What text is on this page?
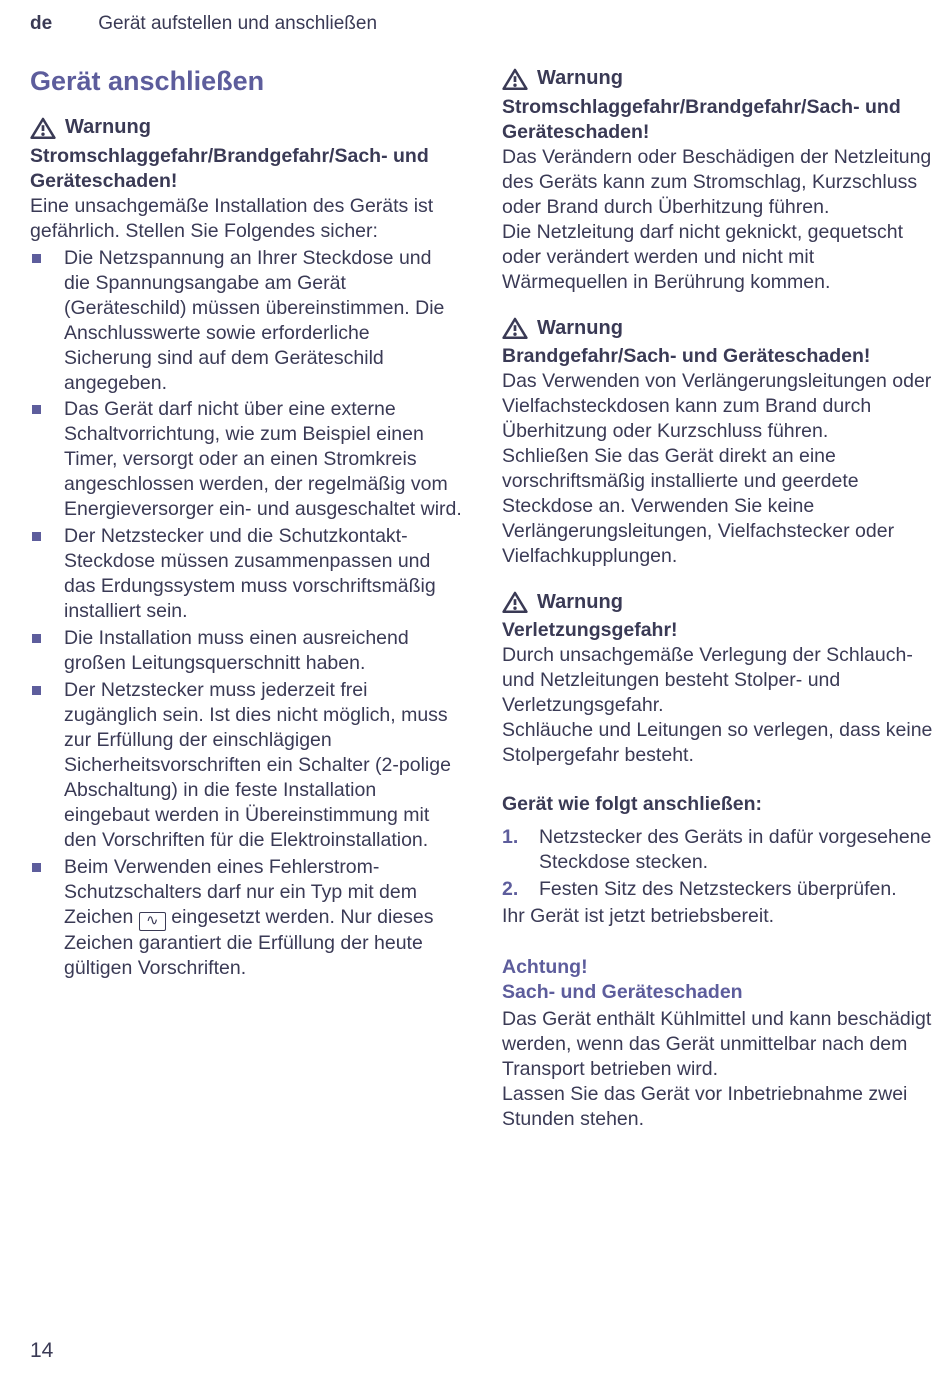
de Gerät aufstellen und anschließen
Gerät anschließen
Warnung

Stromschlaggefahr/Brandgefahr/Sach- und Geräteschaden!

Eine unsachgemäße Installation des Geräts ist gefährlich. Stellen Sie Folgendes sicher:

Die Netzspannung an Ihrer Steckdose und die Spannungsangabe am Gerät (Geräteschild) müssen übereinstimmen. Die Anschlusswerte sowie erforderliche Sicherung sind auf dem Geräteschild angegeben.
Das Gerät darf nicht über eine externe Schaltvorrichtung, wie zum Beispiel einen Timer, versorgt oder an einen Stromkreis angeschlossen werden, der regelmäßig vom Energieversorger ein- und ausgeschaltet wird.
Der Netzstecker und die Schutzkontakt-Steckdose müssen zusammenpassen und das Erdungssystem muss vorschriftsmäßig installiert sein.
Die Installation muss einen ausreichend großen Leitungsquerschnitt haben.
Der Netzstecker muss jederzeit frei zugänglich sein. Ist dies nicht möglich, muss zur Erfüllung der einschlägigen Sicherheitsvorschriften ein Schalter (2-polige Abschaltung) in die feste Installation eingebaut werden in Übereinstimmung mit den Vorschriften für die Elektroinstallation.
Beim Verwenden eines Fehlerstrom-Schutzschalters darf nur ein Typ mit dem Zeichen ∿ eingesetzt werden. Nur dieses Zeichen garantiert die Erfüllung der heute gültigen Vorschriften.
Warnung

Stromschlaggefahr/Brandgefahr/Sach- und Geräteschaden!

Das Verändern oder Beschädigen der Netzleitung des Geräts kann zum Stromschlag, Kurzschluss oder Brand durch Überhitzung führen.

Die Netzleitung darf nicht geknickt, gequetscht oder verändert werden und nicht mit Wärmequellen in Berührung kommen.

Warnung

Brandgefahr/Sach- und Geräteschaden!

Das Verwenden von Verlängerungsleitungen oder Vielfachsteckdosen kann zum Brand durch Überhitzung oder Kurzschluss führen.

Schließen Sie das Gerät direkt an eine vorschriftsmäßig installierte und geerdete Steckdose an. Verwenden Sie keine Verlängerungsleitungen, Vielfachstecker oder Vielfachkupplungen.

Warnung

Verletzungsgefahr!

Durch unsachgemäße Verlegung der Schlauch- und Netzleitungen besteht Stolper- und Verletzungsgefahr.

Schläuche und Leitungen so verlegen, dass keine Stolpergefahr besteht.

Gerät wie folgt anschließen:

1. Netzstecker des Geräts in dafür vorgesehene Steckdose stecken.
2. Festen Sitz des Netzsteckers überprüfen.

Ihr Gerät ist jetzt betriebsbereit.

Achtung!

Sach- und Geräteschaden

Das Gerät enthält Kühlmittel und kann beschädigt werden, wenn das Gerät unmittelbar nach dem Transport betrieben wird.

Lassen Sie das Gerät vor Inbetriebnahme zwei Stunden stehen.

14
